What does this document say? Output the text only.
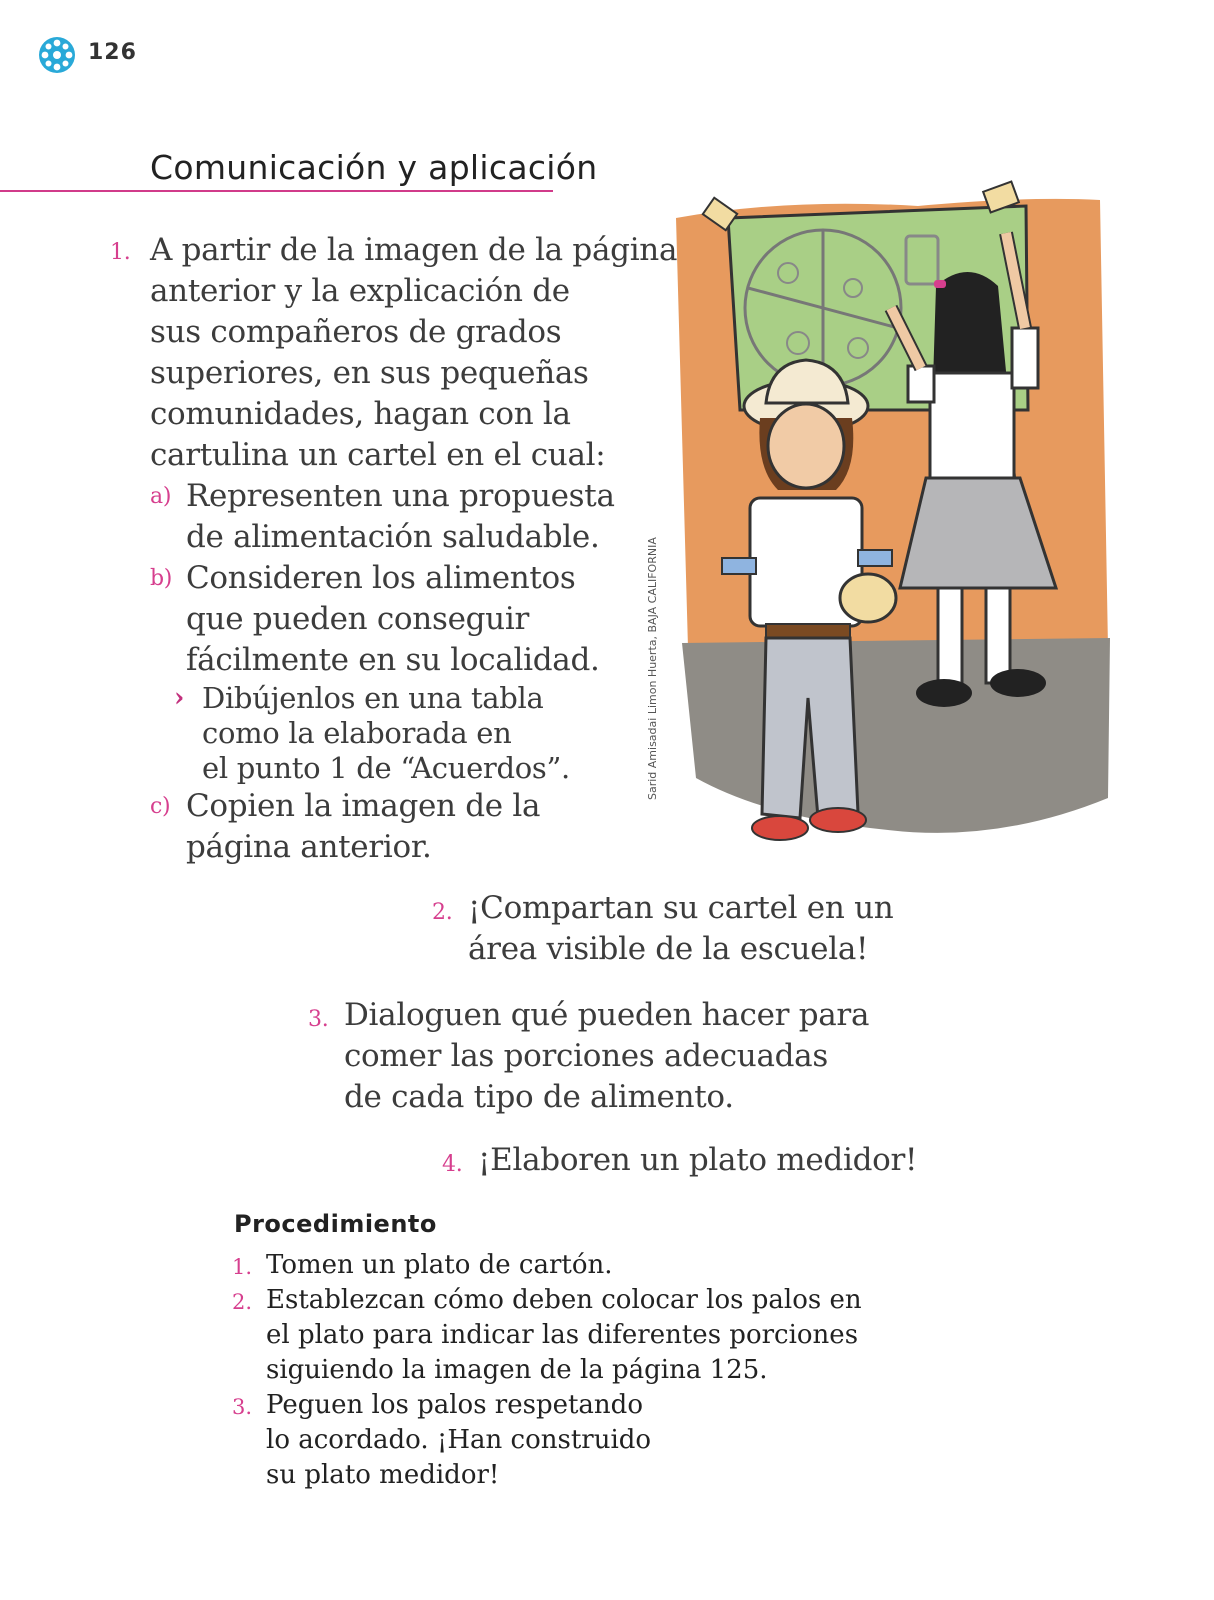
126
Comunicación y aplicación
1. A partir de la imagen de la página
anterior y la explicación de
sus compañeros de grados
superiores, en sus pequeñas
comunidades, hagan con la
cartulina un cartel en el cual:
a) Representen una propuesta
de alimentación saludable.
b) Consideren los alimentos
que pueden conseguir
fácilmente en su localidad.
› Dibújenlos en una tabla
como la elaborada en
el punto 1 de “Acuerdos”.
c) Copien la imagen de la
página anterior.
Sarid Amisadai Limon Huerta, BAJA CALIFORNIA
2. ¡Compartan su cartel en un
área visible de la escuela!
3. Dialoguen qué pueden hacer para
comer las porciones adecuadas
de cada tipo de alimento.
4. ¡Elaboren un plato medidor!
Procedimiento
1. Tomen un plato de cartón.
2. Establezcan cómo deben colocar los palos en
el plato para indicar las diferentes porciones
siguiendo la imagen de la página 125.
3. Peguen los palos respetando
lo acordado. ¡Han construido
su plato medidor!
